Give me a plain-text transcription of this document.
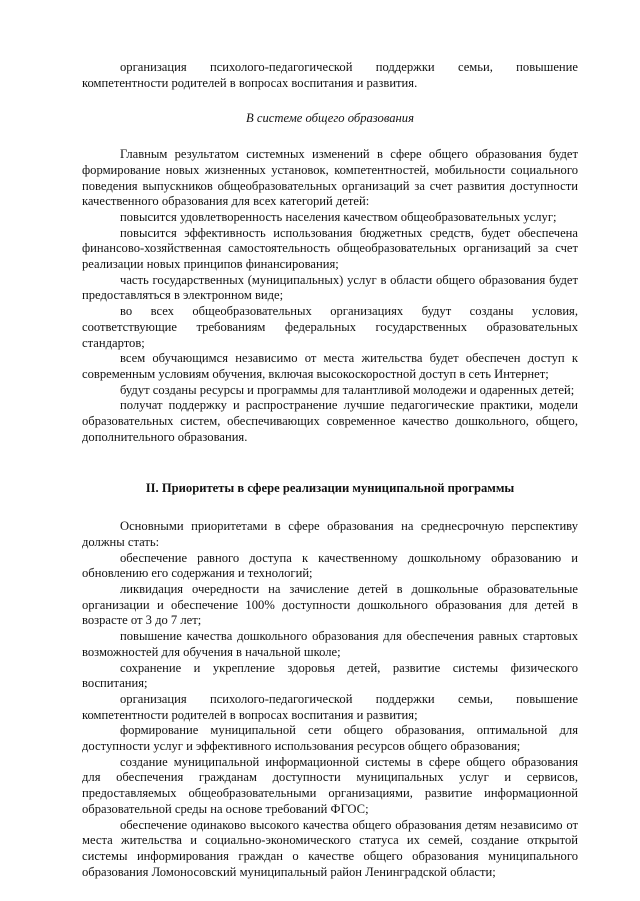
организация психолого-педагогической поддержки семьи, повышение компетентности родителей в вопросах воспитания и развития.

В системе общего образования

Главным результатом системных изменений в сфере общего образования будет формирование новых жизненных установок, компетентностей, мобильности социального поведения выпускников общеобразовательных организаций за счет развития доступности качественного образования для всех категорий детей:

повысится удовлетворенность населения качеством общеобразовательных услуг;

повысится эффективность использования бюджетных средств, будет обеспечена финансово-хозяйственная самостоятельность общеобразовательных организаций за счет реализации новых принципов финансирования;

часть государственных (муниципальных) услуг в области общего образования будет предоставляться в электронном виде;

во всех общеобразовательных организациях будут созданы условия, соответствующие требованиям федеральных государственных образовательных стандартов;

всем обучающимся независимо от места жительства будет обеспечен доступ к современным условиям обучения, включая высокоскоростной доступ в сеть Интернет;

будут созданы ресурсы и программы для талантливой молодежи и одаренных детей;

получат поддержку и распространение лучшие педагогические практики, модели образовательных систем, обеспечивающих современное качество дошкольного, общего, дополнительного образования.

II. Приоритеты в сфере реализации муниципальной программы

Основными приоритетами в сфере образования на среднесрочную перспективу должны стать:

обеспечение равного доступа к качественному дошкольному образованию и обновлению его содержания и технологий;

ликвидация очередности на зачисление детей в дошкольные образовательные организации и обеспечение 100% доступности дошкольного образования для детей в возрасте от 3 до 7 лет;

повышение качества дошкольного образования для обеспечения равных стартовых возможностей для обучения в начальной школе;

сохранение и укрепление здоровья детей, развитие системы физического воспитания;

организация психолого-педагогической поддержки семьи, повышение компетентности родителей в вопросах воспитания и развития;

формирование муниципальной сети общего образования, оптимальной для доступности услуг и эффективного использования ресурсов общего образования;

создание муниципальной информационной системы в сфере общего образования для обеспечения гражданам доступности муниципальных услуг и сервисов, предоставляемых общеобразовательными организациями, развитие информационной образовательной среды на основе требований ФГОС;

обеспечение одинаково высокого качества общего образования детям независимо от места жительства и социально-экономического статуса их семей, создание открытой системы информирования граждан о качестве общего образования муниципального образования Ломоносовский муниципальный район Ленинградской области;
